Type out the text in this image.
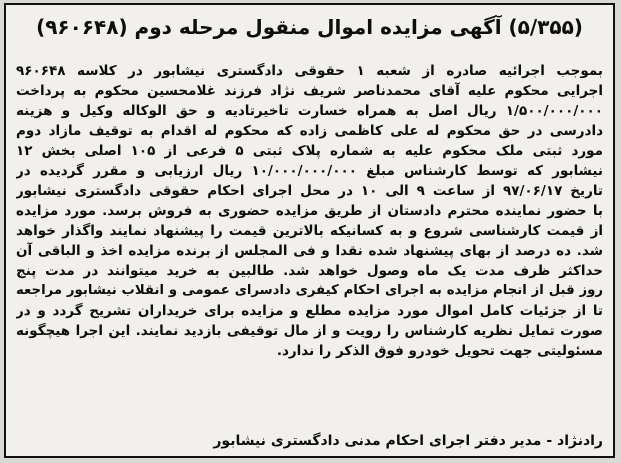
(۵/۳۵۵) آگهی مزایده اموال منقول مرحله دوم (۹۶۰۶۴۸)
بموجب اجرائیه صادره از شعبه ۱ حقوقی دادگستری نیشابور در کلاسه ۹۶۰۶۴۸
اجرایی محکوم علیه آقای محمدناصر شریف نژاد فرزند غلامحسین محکوم به پرداخت
۱/۵۰۰/۰۰۰/۰۰۰ ریال اصل به همراه خسارت تاخیرتادیه و حق الوکاله وکیل و هزینه
دادرسی در حق محکوم له علی کاظمی زاده که محکوم له اقدام به توقیف مازاد دوم
مورد ثبتی ملک محکوم علیه به شماره پلاک ثبتی ۵ فرعی از ۱۰۵ اصلی بخش ۱۲
نیشابور که توسط کارشناس مبلغ ۱۰/۰۰۰/۰۰۰/۰۰۰ ریال ارزیابی و مقرر گردیده در
تاریخ ۹۷/۰۶/۱۷ از ساعت ۹ الی ۱۰ در محل اجرای احکام حقوقی دادگستری نیشابور
با حضور نماینده محترم دادستان از طریق مزایده حضوری به فروش برسد. مورد مزایده
از قیمت کارشناسی شروع و به کسانیکه بالاترین قیمت را پیشنهاد نمایند واگذار خواهد
شد. ده درصد از بهای پیشنهاد شده نقدا و فی المجلس از برنده مزایده اخذ و الباقی آن
حداکثر ظرف مدت یک ماه وصول خواهد شد. طالبین به خرید میتوانند در مدت پنج
روز قبل از انجام مزایده به اجرای احکام کیفری دادسرای عمومی و انقلاب نیشابور مراجعه
تا از جزئیات کامل اموال مورد مزایده مطلع و مزایده برای خریداران تشریح گردد و در
صورت تمایل نظریه کارشناس را رویت و از مال توقیفی بازدید نمایند. این اجرا هیچگونه
مسئولیتی جهت تحویل خودرو فوق الذکر را ندارد.
رادنژاد - مدیر دفتر اجرای احکام مدنی دادگستری نیشابور
